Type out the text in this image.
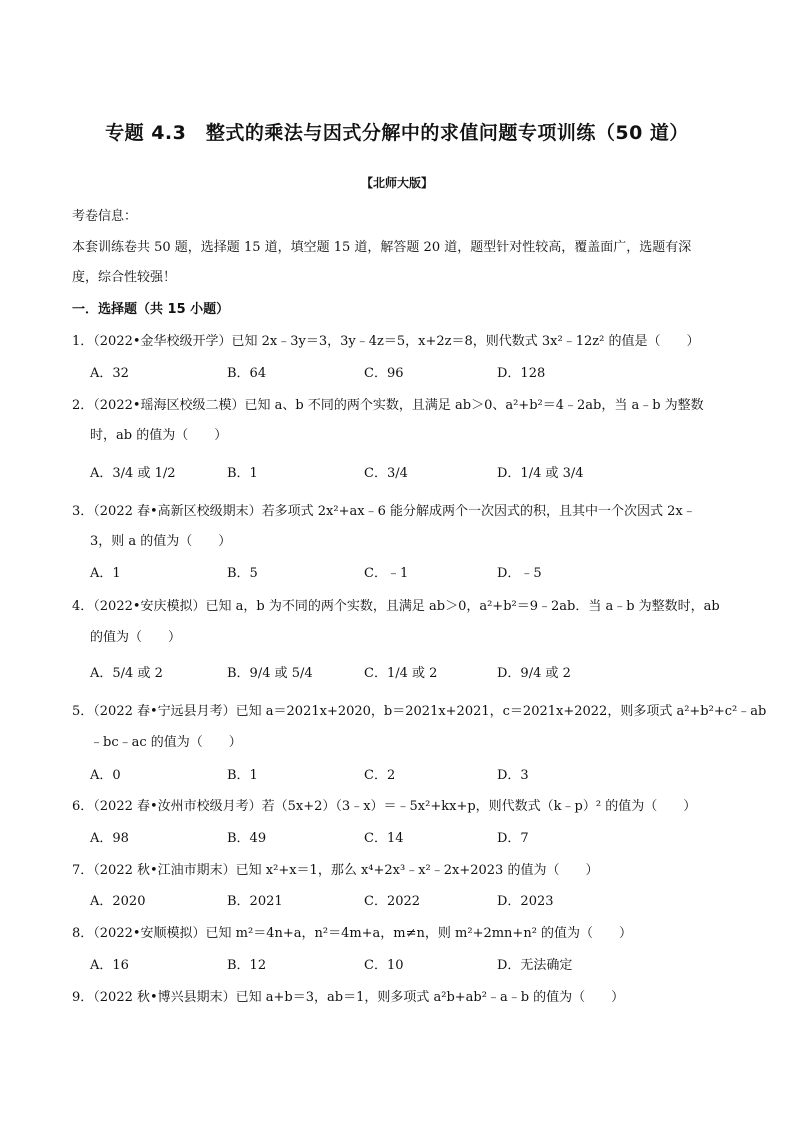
专题 4.3　整式的乘法与因式分解中的求值问题专项训练（50 道）
【北师大版】
考卷信息：
本套训练卷共 50 题，选择题 15 道，填空题 15 道，解答题 20 道，题型针对性较高，覆盖面广，选题有深
度，综合性较强！
一．选择题（共 15 小题）
1．（2022•金华校级开学）已知 2x﹣3y＝3，3y﹣4z＝5，x+2z＝8，则代数式 3x²﹣12z² 的值是（　　）
A．32	B．64	C．96	D．128
2．（2022•瑶海区校级二模）已知 a、b 不同的两个实数，且满足 ab＞0、a²+b²＝4﹣2ab，当 a﹣b 为整数
时，ab 的值为（　　）
A．3/4 或 1/2	B．1	C．3/4	D．1/4 或 3/4
3．（2022 春•高新区校级期末）若多项式 2x²+ax﹣6 能分解成两个一次因式的积，且其中一个次因式 2x﹣
3，则 a 的值为（　　）
A．1	B．5	C．﹣1	D．﹣5
4．（2022•安庆模拟）已知 a，b 为不同的两个实数，且满足 ab＞0，a²+b²＝9﹣2ab．当 a﹣b 为整数时，ab
的值为（　　）
A．5/4 或 2	B．9/4 或 5/4	C．1/4 或 2	D．9/4 或 2
5．（2022 春•宁远县月考）已知 a＝2021x+2020，b＝2021x+2021，c＝2021x+2022，则多项式 a²+b²+c²﹣ab
﹣bc﹣ac 的值为（　　）
A．0	B．1	C．2	D．3
6．（2022 春•汝州市校级月考）若（5x+2）（3﹣x）＝﹣5x²+kx+p，则代数式（k﹣p）² 的值为（　　）
A．98	B．49	C．14	D．7
7．（2022 秋•江油市期末）已知 x²+x＝1，那么 x⁴+2x³﹣x²﹣2x+2023 的值为（　　）
A．2020	B．2021	C．2022	D．2023
8．（2022•安顺模拟）已知 m²＝4n+a，n²＝4m+a，m≠n，则 m²+2mn+n² 的值为（　　）
A．16	B．12	C．10	D．无法确定
9．（2022 秋•博兴县期末）已知 a+b＝3，ab＝1，则多项式 a²b+ab²﹣a﹣b 的值为（　　）
